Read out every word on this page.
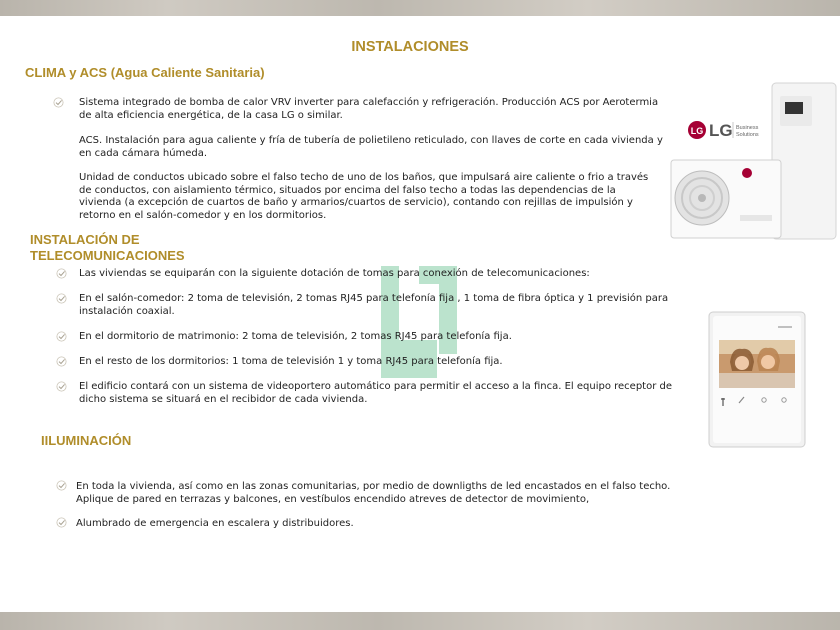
INSTALACIONES
CLIMA y ACS (Agua Caliente Sanitaria)
Sistema integrado de bomba de calor VRV inverter para calefacción y refrigeración. Producción ACS por Aerotermia
de alta eficiencia energética, de la casa LG o similar.
ACS. Instalación para agua caliente y fría de tubería de polietileno reticulado, con llaves de corte en cada vivienda y
en cada cámara húmeda.
Unidad de conductos ubicado sobre el falso techo de uno de los baños, que impulsará aire caliente o frio a través
de conductos, con aislamiento térmico, situados por encima del falso techo a todas las dependencias de la
vivienda (a excepción de cuartos de baño y armarios/cuartos de servicio), contando con rejillas de impulsión y
retorno en el salón-comedor y en los dormitorios.
LG LG Business
Solutions
INSTALACIÓN DE
TELECOMUNICACIONES
Las viviendas se equiparán con la siguiente dotación de tomas para conexión de telecomunicaciones:
En el salón-comedor: 2 toma de televisión, 2 tomas RJ45 para telefonía fija , 1 toma de fibra óptica y 1 previsión para
instalación coaxial.
En el dormitorio de matrimonio: 2 toma de televisión, 2 tomas RJ45 para telefonía fija.
En el resto de los dormitorios: 1 toma de televisión 1 y toma RJ45 para telefonía fija.
El edificio contará con un sistema de videoportero automático para permitir el acceso a la finca. El equipo receptor de
dicho sistema se situará en el recibidor de cada vivienda.
IILUMINACIÓN
En toda la vivienda, así como en las zonas comunitarias, por medio de downligths de led encastados en el falso techo.
Aplique de pared en terrazas y balcones, en vestíbulos encendido atreves de detector de movimiento,
Alumbrado de emergencia en escalera y distribuidores.
